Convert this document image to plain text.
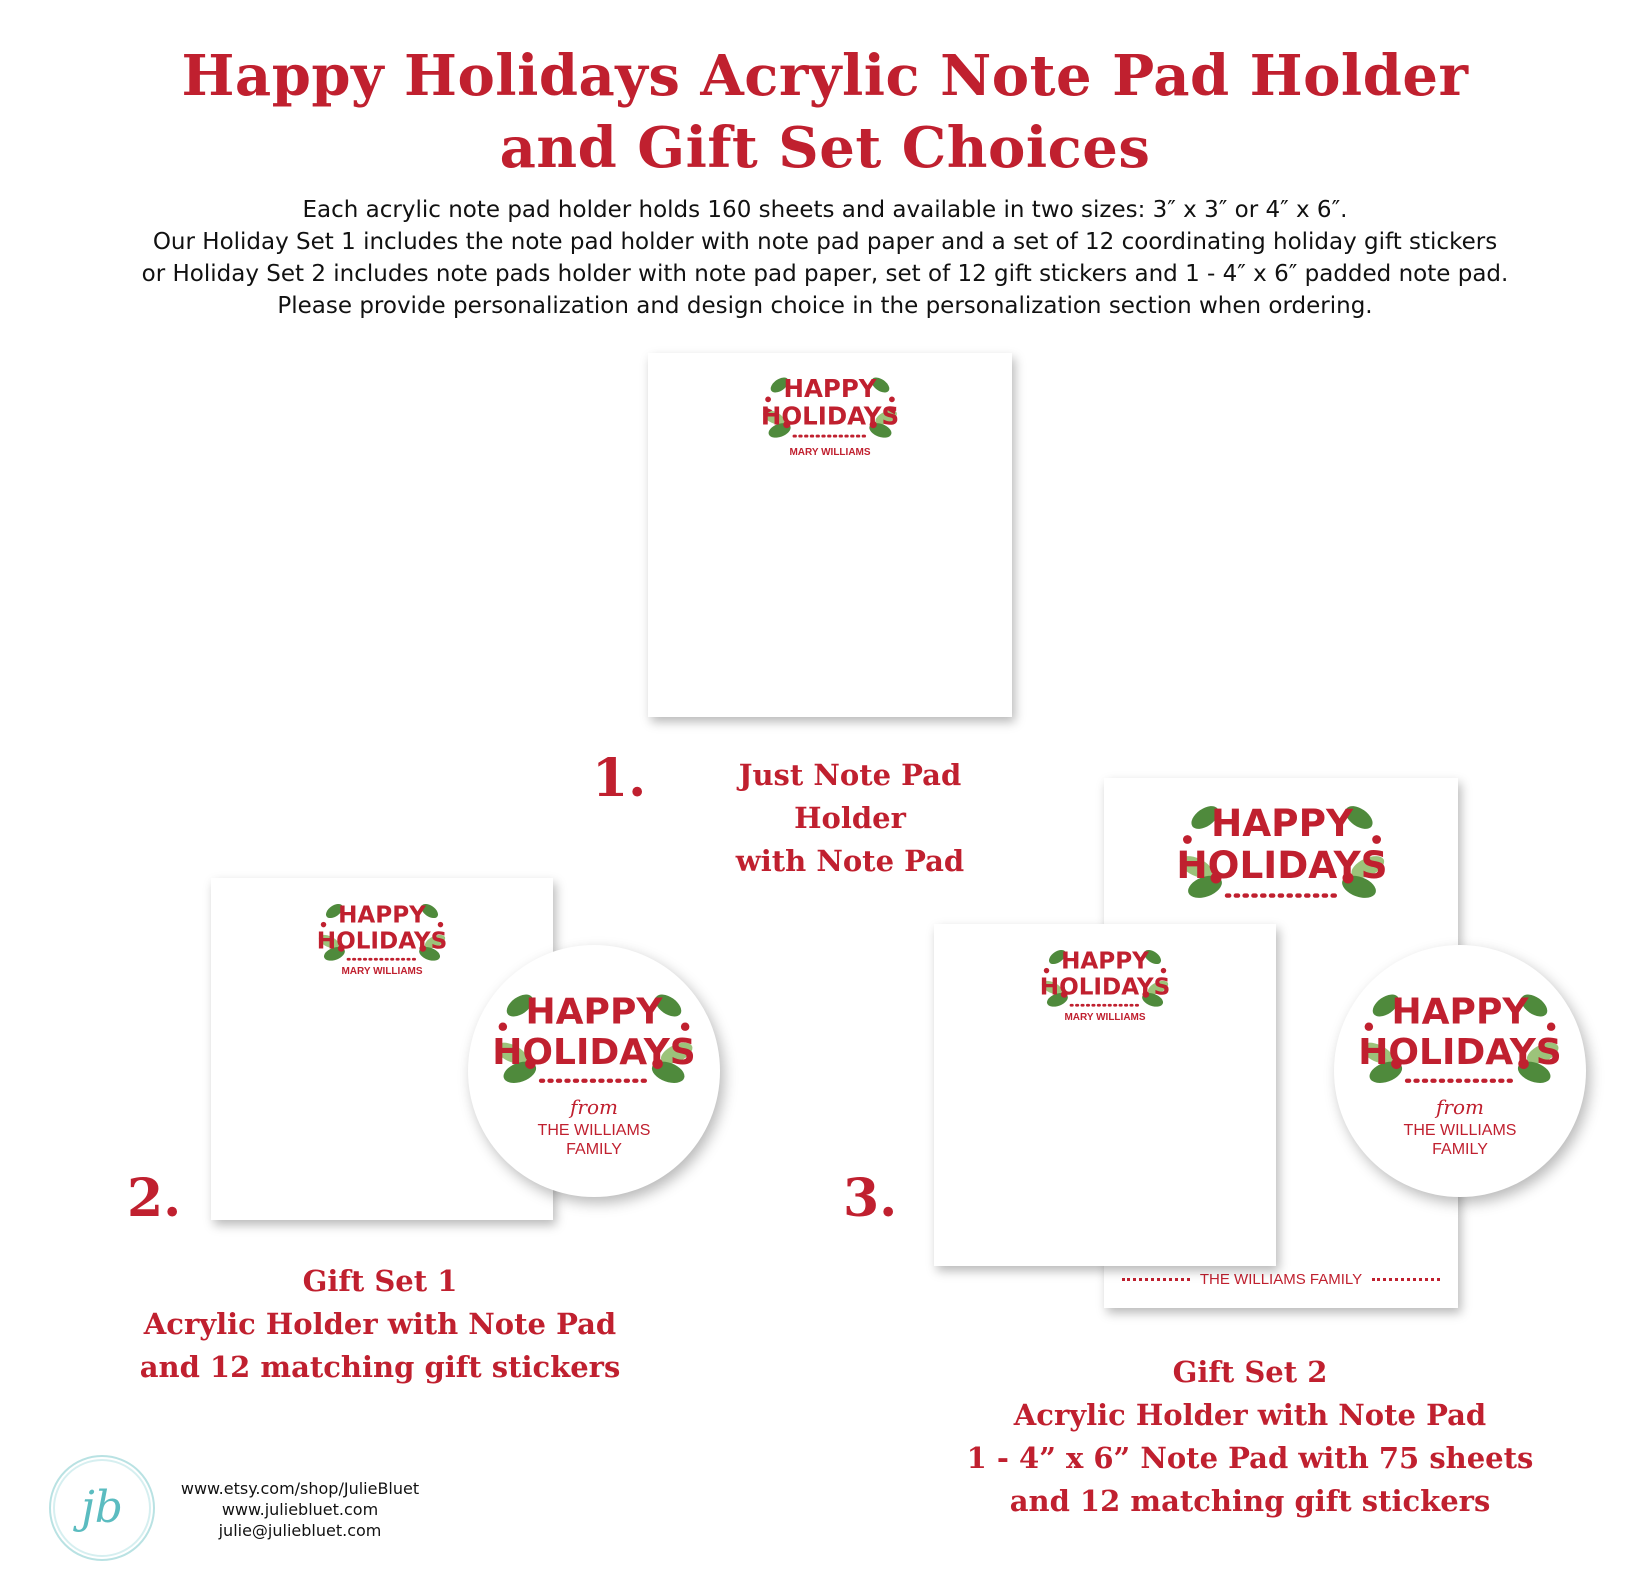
Happy Holidays Acrylic Note Pad Holder
and Gift Set Choices
Each acrylic note pad holder holds 160 sheets and available in two sizes: 3″ x 3″ or 4″ x 6″.
Our Holiday Set 1 includes the note pad holder with note pad paper and a set of 12 coordinating holiday gift stickers
or Holiday Set 2 includes note pads holder with note pad paper, set of 12 gift stickers and 1 - 4″ x 6″ padded note pad.
Please provide personalization and design choice in the personalization section when ordering.
HAPPY
HOLIDAYS
MARY WILLIAMS
1.	Just Note Pad Holder
with Note Pad
HAPPY
HOLIDAYS
MARY WILLIAMS
HAPPY
HOLIDAYS
from
THE WILLIAMS
FAMILY
2.
Gift Set 1
Acrylic Holder with Note Pad
and 12 matching gift stickers
HAPPY
HOLIDAYS
THE WILLIAMS FAMILY
HAPPY
HOLIDAYS
MARY WILLIAMS	HAPPY
HOLIDAYS
from
THE WILLIAMS
FAMILY
3.
Gift Set 2
Acrylic Holder with Note Pad
1 - 4” x 6” Note Pad with 75 sheets
and 12 matching gift stickers
jb	www.etsy.com/shop/JulieBluet
www.juliebluet.com
julie@juliebluet.com
